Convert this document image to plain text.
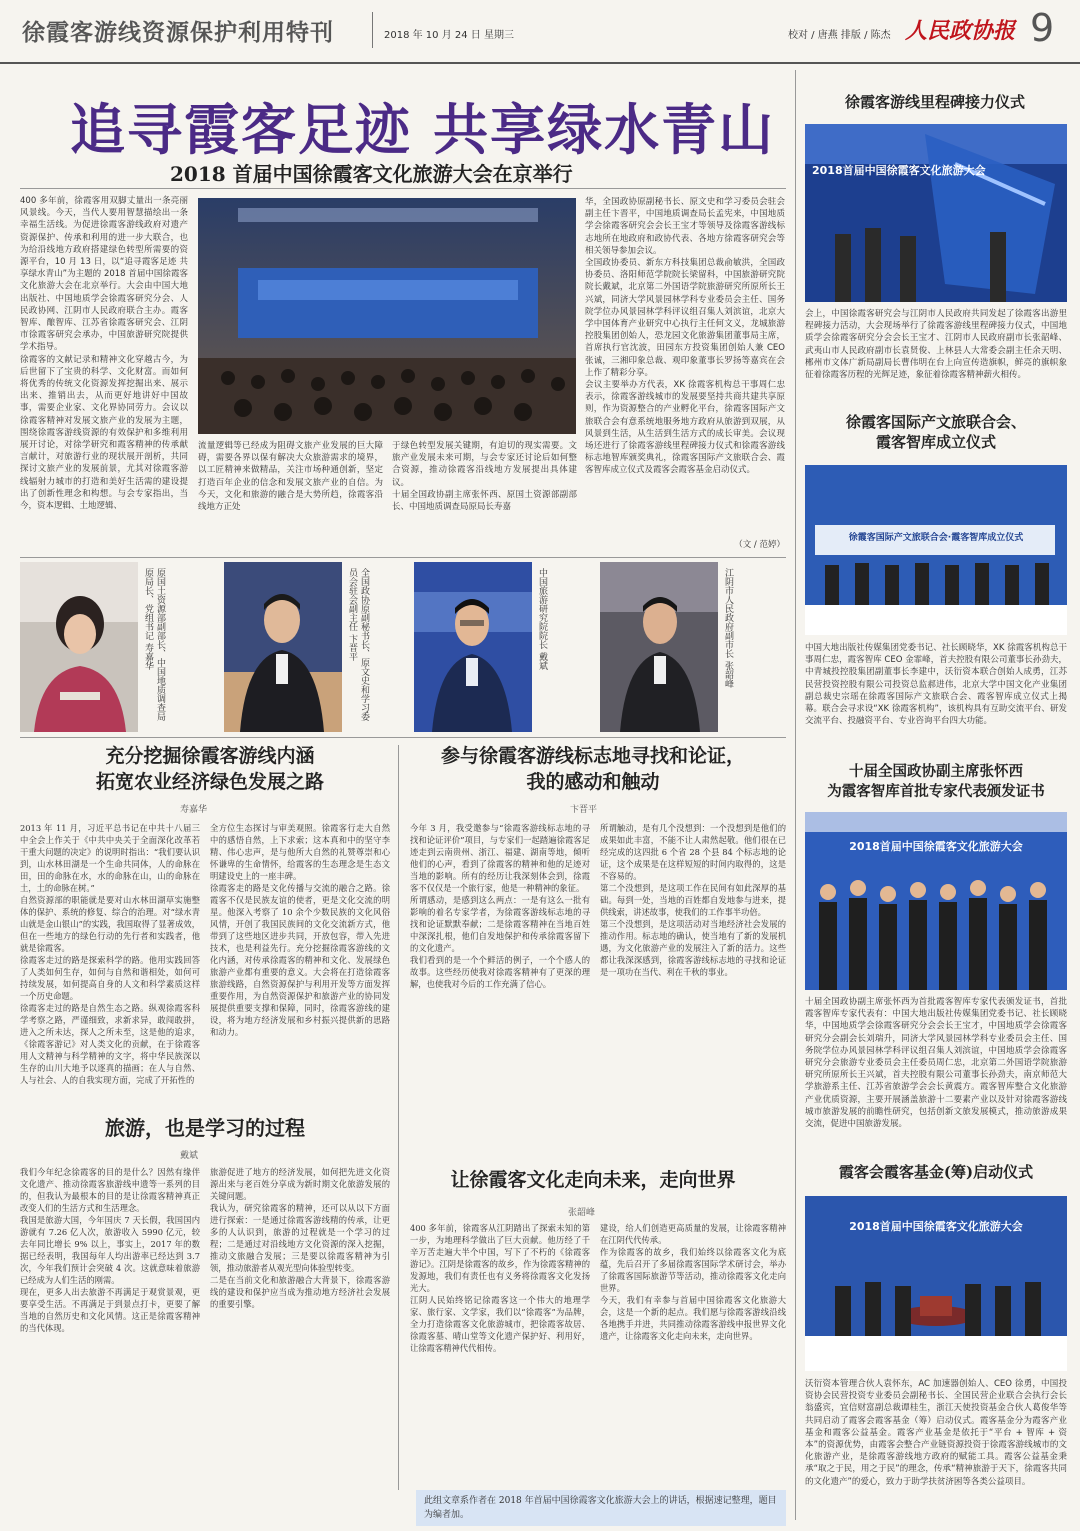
徐霞客游线资源保护利用特刊	2018 年 10 月 24 日 星期三	校对 / 唐燕 排版 / 陈杰 人民政协报 9
追寻霞客足迹 共享绿水青山
2018 首届中国徐霞客文化旅游大会在京举行
400 多年前，徐霞客用双脚丈量出一条亮丽风景线。今天，当代人要用智慧描绘出一条幸福生活线。为促进徐霞客游线政府对遗产资源保护、传承和利用的进一步大联合，也为给沿线地方政府搭建绿色转型所需要的资源平台，10 月 13 日，以“追寻霞客足迹 共享绿水青山”为主题的 2018 首届中国徐霞客文化旅游大会在北京举行。大会由中国大地出版社、中国地质学会徐霞客研究分会、人民政协网、江阴市人民政府联合主办。霞客智库、酿智库、江苏省徐霞客研究会、江阴市徐霞客研究会承办，中国旅游研究院提供学术指导。
徐霞客的文献记录和精神文化穿越古今，为后世留下了宝贵的科学、文化财富。而如何将优秀的传统文化资源发挥挖掘出来、展示出来、推销出去，从而更好地讲好中国故事，需要企业家、文化界协同劳力。会议以徐霞客精神对发展文旅产业的发展为主题，围绕徐霞客游线资源的有效保护和多维利用展开讨论，对徐学研究和霞客精神的传承献言献计，对旅游行业的现状展开剖析，共同探讨文旅产业的发展前景，尤其对徐霞客游线辐射力城市的打造和美好生活需的建设提出了创新性理念和构想。与会专家指出，当今，资本逻辑、土地逻辑、
流量逻辑等已经成为阻碍文旅产业发展的巨大障碍，需要各界以保有解决大众旅游需求的境界，以工匠精神来做精品，关注市场种通创新，坚定打造百年企业的信念和发展文旅产业的自信。为今天，文化和旅游的融合是大势所趋，徐霞客沿线地方正处
于绿色转型发展关键期，有迫切的现实需要。文旅产业发展未来可期，与会专家还讨论后如何整合资源，推动徐霞客沿线地方发展提出具体建议。
十届全国政协副主席张怀西、原国土资源部副部长、中国地质调查局原局长寿嘉
华，全国政协原副秘书长、原文史和学习委员会驻会副主任卞晋平，中国地质调查局长孟宪来，中国地质学会徐霞客研究会会长王宝才等领导及徐霞客游线标志地所在地政府和政协代表、各地方徐霞客研究会等相关领导参加会议。
全国政协委员、新东方科技集团总裁俞敏洪，全国政协委员、洛阳师范学院院长梁留科，中国旅游研究院院长戴斌，北京第二外国语学院旅游研究所原所长王兴斌，同济大学风景园林学科专业委员会主任、国务院学位办风景园林学科评议组召集人刘滨谊，北京大学中国体育产业研究中心执行主任何文义，龙城旅游控股集团创始人，恐龙园文化旅游集团董事局主席，首席执行官沈波，田园东方投资集团创始人兼 CEO 张诚，三湘印象总裁、观印象董事长罗扬等嘉宾在会上作了精彩分享。
会议主要举办方代表，XK 徐霞客机构总干事周仁忠表示，徐霞客游线城市的发展要坚持共商共建共享原则，作为资源整合的产业孵化平台，徐霞客国际产文旅联合会有意系统地服务地方政府从旅游到双展，从风景到生活，从生活到生活方式的成长审美。会议现场还进行了徐霞客游线里程碑接力仪式和徐霞客游线标志地智库颁奖典礼，徐霞客国际产文旅联合会、霞客智库成立仪式及霞客会霞客基金启动仪式。
（文 / 范婷）
原国土资源部副部长、中国地质调查局原局长、党组书记 寿嘉华	全国政协原副秘书长、原文史和学习委员会驻会副主任 卞晋平	中国旅游研究院院长 戴斌	江阴市人民政府副市长 张韶峰
充分挖掘徐霞客游线内涵
拓宽农业经济绿色发展之路
寿嘉华
2013 年 11 月，习近平总书记在中共十八届三中全会上作关于《中共中央关于全面深化改革若干重大问题的决定》的说明时指出：“我们要认识到，山水林田湖是一个生命共同体，人的命脉在田，田的命脉在水，水的命脉在山，山的命脉在土，土的命脉在树。”
自然资源部的职能就是要对山水林田湖草实施整体的保护、系统的修复、综合的治理。对“绿水青山就是金山银山”的实践，我国取得了显著成效，但在一些地方的绿色行动的先行者和实践者，他就是徐霞客。
徐霞客走过的路是探索科学的路。他用实践回答了人类如何生存，如何与自然和谐相处，如何可持续发展，如何提高自身的人文和科学素质这样一个历史命题。
徐霞客走过的路是自然生态之路。纵观徐霞客科学考察之路，严谨细致，求新求异，敢闯敢拼，进入之所未达，探人之所未至，这是他的追求，《徐霞客游记》对人类文化的贡献，在于徐霞客用人文精神与科学精神的文字，将中华民族深以生存的山川大地予以逐真的描画；在人与自然、人与社会、人的自我实现方面，完成了开拓性的
全方位生态探讨与审美观照。徐霞客行走大自然中的感悟自然，上下求索；这本真和中的坚守李精、伟心忠声，是与他所大自然的礼赞尊崇和心怀谦卑的生命情怀，给霞客的生态理念是生态文明建设史上的一座丰碑。
徐霞客走的路是文化传播与交流的融合之路。徐霞客不仅是民族友谊的使者，更是文化交流的明星。他深入考察了 10 余个少数民族的文化风俗风情，开创了我国民族间的文化交流新方式，他带到了这些地区进步共同，开放包容，带入先进技术，也是利益先行。充分挖掘徐霞客游线的文化内涵，对传承徐霞客的精神和文化、发展绿色旅游产业都有重要的意义。大会将在打造徐霞客旅游线路，自然资源保护与利用开发等方面发挥重要作用，为自然资源保护和旅游产业的协同发展提供重要支撑和保障，同时，徐霞客游线的建设，将为地方经济发展和乡村振兴提供新的思路和动力。
参与徐霞客游线标志地寻找和论证，
我的感动和触动
卞晋平
今年 3 月，我受邀参与“徐霞客游线标志地的寻找和论证评价”项目，与专家们一起踏遍徐霞客足迹走到云南贵州、浙江、福建、湖南等地，倾听他们的心声，看到了徐霞客的精神和他的足迹对当地的影响。所有的经历让我深刻体会到，徐霞客不仅仅是一个旅行家，他是一种精神的象征。
所谓感动，是感到这么两点：一是有这么一批有影响的着名专家学者，为徐霞客游线标志地的寻找和论证默默奉献；二是徐霞客精神在当地百姓中深深扎根，他们自发地保护和传承徐霞客留下的文化遗产。
我们看到的是一个个鲜活的例子，一个个感人的故事。这些经历使我对徐霞客精神有了更深的理解，也使我对今后的工作充满了信心。
所谓触动，是有几个没想到：一个没想到是他们的成果如此丰富，不能不让人肃然起敬。他们很在已经完成的这四批 6 个省 28 个县 84 个标志地的论证，这个成果是在这样短短的时间内取得的，这是不容易的。
第二个没想到，是这项工作在民间有如此深厚的基础。每到一处，当地的百姓都自发地参与进来，提供线索，讲述故事，使我们的工作事半功倍。
第三个没想到，是这项活动对当地经济社会发展的推动作用。标志地的确认，使当地有了新的发展机遇，为文化旅游产业的发展注入了新的活力。这些都让我深深感到，徐霞客游线标志地的寻找和论证是一项功在当代、利在千秋的事业。
旅游，也是学习的过程
戴斌
我们今年纪念徐霞客的目的是什么？因然有缘伴文化遗产、推动徐霞客旅游线申遗等一系列的目的，但我认为最根本的目的是让徐霞客精神真正改变人们的生活方式和生活理念。
我国是旅游大国，今年国庆 7 天长假，我国国内游就有 7.26 亿人次，旅游收入 5990 亿元，较去年同比增长 9% 以上，事实上，2017 年的数据已经表明，我国每年人均出游率已经达到 3.7 次，今年我们预计会突破 4 次。这就意味着旅游已经成为人们生活的刚需。
现在，更多人出去旅游不再满足于观赏景观，更要享受生活。不再满足于到景点打卡，更要了解当地的自然历史和文化风情。这正是徐霞客精神的当代体现。
旅游促进了地方的经济发展，如何把先进文化资源出来与老百姓分享成为新时期文化旅游发展的关键问题。
我认为，研究徐霞客的精神，还可以从以下方面进行探索：一是通过徐霞客游线精的传承，让更多的人认识到，旅游的过程就是一个学习的过程；二是通过对沿线地方文化资源的深入挖掘，推动文旅融合发展；三是要以徐霞客精神为引领，推动旅游者从观光型向体验型转变。
二是在当前文化和旅游融合大背景下，徐霞客游线的建设和保护应当成为推动地方经济社会发展的重要引擎。
让徐霞客文化走向未来，走向世界
张韶峰
400 多年前，徐霞客从江阴踏出了探索未知的第一步，为地理科学做出了巨大贡献。他历经了千辛万苦走遍大半个中国，写下了不朽的《徐霞客游记》。江阴是徐霞客的故乡，作为徐霞客精神的发源地，我们有责任也有义务将徐霞客文化发扬光大。
江阴人民始终铭记徐霞客这一个伟大的地理学家、旅行家、文学家，我们以“徐霞客”为品牌，全力打造徐霞客文化旅游城市，把徐霞客故居、徐霞客墓、晴山堂等文化遗产保护好、利用好，让徐霞客精神代代相传。
建设，给人们创造更高质量的发展，让徐霞客精神在江阴代代传承。
作为徐霞客的故乡，我们始终以徐霞客文化为底蕴，先后召开了多届徐霞客国际学术研讨会，举办了徐霞客国际旅游节等活动，推动徐霞客文化走向世界。
今天，我们有幸参与首届中国徐霞客文化旅游大会，这是一个新的起点。我们愿与徐霞客游线沿线各地携手并进，共同推动徐霞客游线申报世界文化遗产，让徐霞客文化走向未来，走向世界。
此组文章系作者在 2018 年首届中国徐霞客文化旅游大会上的讲话，根据速记整理，题目为编者加。
徐霞客游线里程碑接力仪式
2018首届中国徐霞客文化旅游大会
会上，中国徐霞客研究会与江阴市人民政府共同发起了徐霞客出游里程碑接力活动，大会现场举行了徐霞客游线里程碑接力仪式，中国地质学会徐霞客研究分会会长王宝才、江阴市人民政府副市长张韶峰、武夷山市人民政府副市长袁贤俊、上林县人大常委会副主任余天明、郴州市文体广新局副局长曹伟明在台上向宣传造旗帜，鲜亮的旗帜象征着徐霞客历程的光辉足迹，象征着徐霞客精神薪火相传。
徐霞客国际产文旅联合会、
霞客智库成立仪式
徐霞客国际产文旅联合会·霞客智库成立仪式
中国大地出版社传媒集团党委书记、社长顾晓华，XK 徐霞客机构总干事周仁忠，霞客智库 CEO 金霏峰，首夫控股有限公司董事长孙劲夫，中青城投控股集团副董事长李建中，沃衍资本联合创始人成勇，江苏民营投资控股有限公司投资总监郝进伟，北京大学中国文化产业集团副总裁史宗瑶在徐霞客国际产文旅联合会、霞客智库成立仪式上揭幕。联合会寻求设“XK 徐霞客机构”，该机构具有互助交流平台、研发交流平台、投融资平台、专业咨询平台四大功能。
十届全国政协副主席张怀西
为霞客智库首批专家代表颁发证书
2018首届中国徐霞客文化旅游大会
十届全国政协副主席张怀西为首批霞客智库专家代表颁发证书，首批霞客智库专家代表有：中国大地出版社传媒集团党委书记、社长顾晓华，中国地质学会徐霞客研究分会会长王宝才，中国地质学会徐霞客研究分会副会长刘瑞升，同济大学风景园林学科专业委员会主任、国务院学位办风景园林学科评议组召集人刘滨谊，中国地质学会徐霞客研究分会旅游专业委员会主任委员周仁忠，北京第二外国语学院旅游研究所原所长王兴斌，首夫控股有限公司董事长孙劲夫，南京师范大学旅游系主任、江苏省旅游学会会长黄震方。霞客智库整合文化旅游产业优质资源，主要开展涵盖旅游十二要素产业以及针对徐霞客游线城市旅游发展的前瞻性研究，包括创新文旅发展模式，推动旅游成果交流，促进中国旅游发展。
霞客会霞客基金(筹)启动仪式
2018首届中国徐霞客文化旅游大会
沃衍资本管理合伙人袁怀东，AC 加速器创始人、CEO 徐勇，中国投资协会民营投资专业委员会副秘书长、全国民营企业联合会执行会长翁盛宾，宜信财富副总裁谭桂生，浙江天使投资基金合伙人葛俊华等共同启动了霞客会霞客基金（筹）启动仪式。霞客基金分为霞客产业基金和霞客公益基金。霞客产业基金是依托于“平台 + 智库 + 资本”的资源优势，由霞客会整合产业链资源投资于徐霞客游线城市的文化旅游产业，是徐霞客游线地方政府的赋能工具。霞客公益基金秉承“取之于民，用之于民”的理念，传承“精神旅游于天下，徐霞客共同的文化遗产”的爱心，致力于助学扶贫济困等各类公益项目。
